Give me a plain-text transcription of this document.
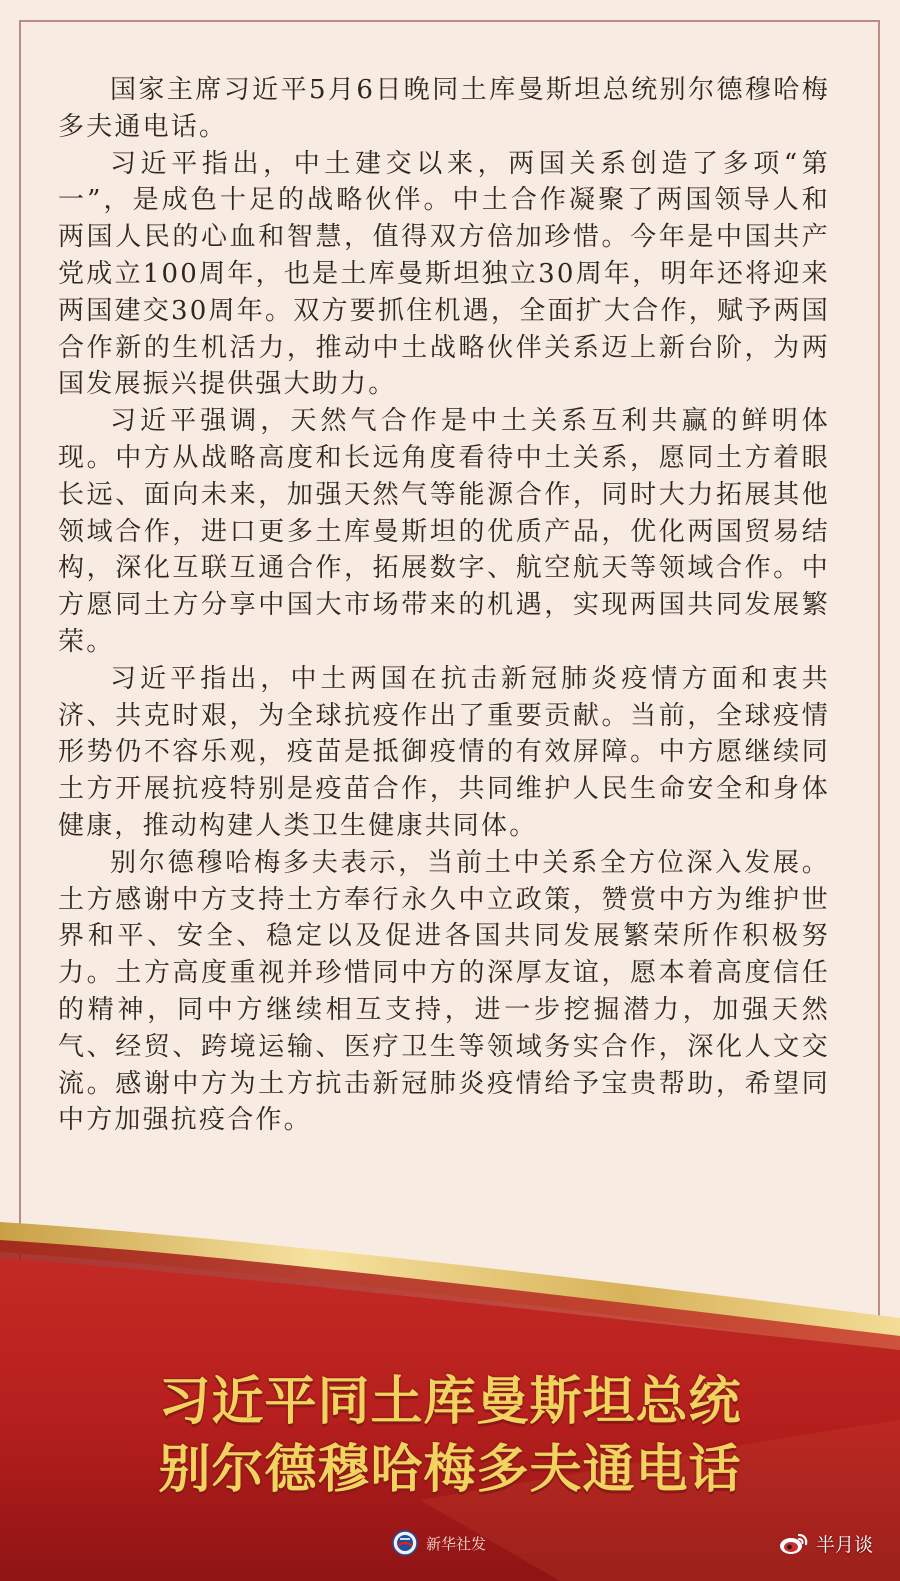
国家主席习近平5月6日晚同土库曼斯坦总统别尔德穆哈梅多夫通电话。

习近平指出，中土建交以来，两国关系创造了多项“第一”，是成色十足的战略伙伴。中土合作凝聚了两国领导人和两国人民的心血和智慧，值得双方倍加珍惜。今年是中国共产党成立100周年，也是土库曼斯坦独立30周年，明年还将迎来两国建交30周年。双方要抓住机遇，全面扩大合作，赋予两国合作新的生机活力，推动中土战略伙伴关系迈上新台阶，为两国发展振兴提供强大助力。

习近平强调，天然气合作是中土关系互利共赢的鲜明体现。中方从战略高度和长远角度看待中土关系，愿同土方着眼长远、面向未来，加强天然气等能源合作，同时大力拓展其他领域合作，进口更多土库曼斯坦的优质产品，优化两国贸易结构，深化互联互通合作，拓展数字、航空航天等领域合作。中方愿同土方分享中国大市场带来的机遇，实现两国共同发展繁荣。

习近平指出，中土两国在抗击新冠肺炎疫情方面和衷共济、共克时艰，为全球抗疫作出了重要贡献。当前，全球疫情形势仍不容乐观，疫苗是抵御疫情的有效屏障。中方愿继续同土方开展抗疫特别是疫苗合作，共同维护人民生命安全和身体健康，推动构建人类卫生健康共同体。

别尔德穆哈梅多夫表示，当前土中关系全方位深入发展。土方感谢中方支持土方奉行永久中立政策，赞赏中方为维护世界和平、安全、稳定以及促进各国共同发展繁荣所作积极努力。土方高度重视并珍惜同中方的深厚友谊，愿本着高度信任的精神，同中方继续相互支持，进一步挖掘潜力，加强天然气、经贸、跨境运输、医疗卫生等领域务实合作，深化人文交流。感谢中方为土方抗击新冠肺炎疫情给予宝贵帮助，希望同中方加强抗疫合作。

习近平同土库曼斯坦总统
别尔德穆哈梅多夫通电话
新华社发	半月谈
